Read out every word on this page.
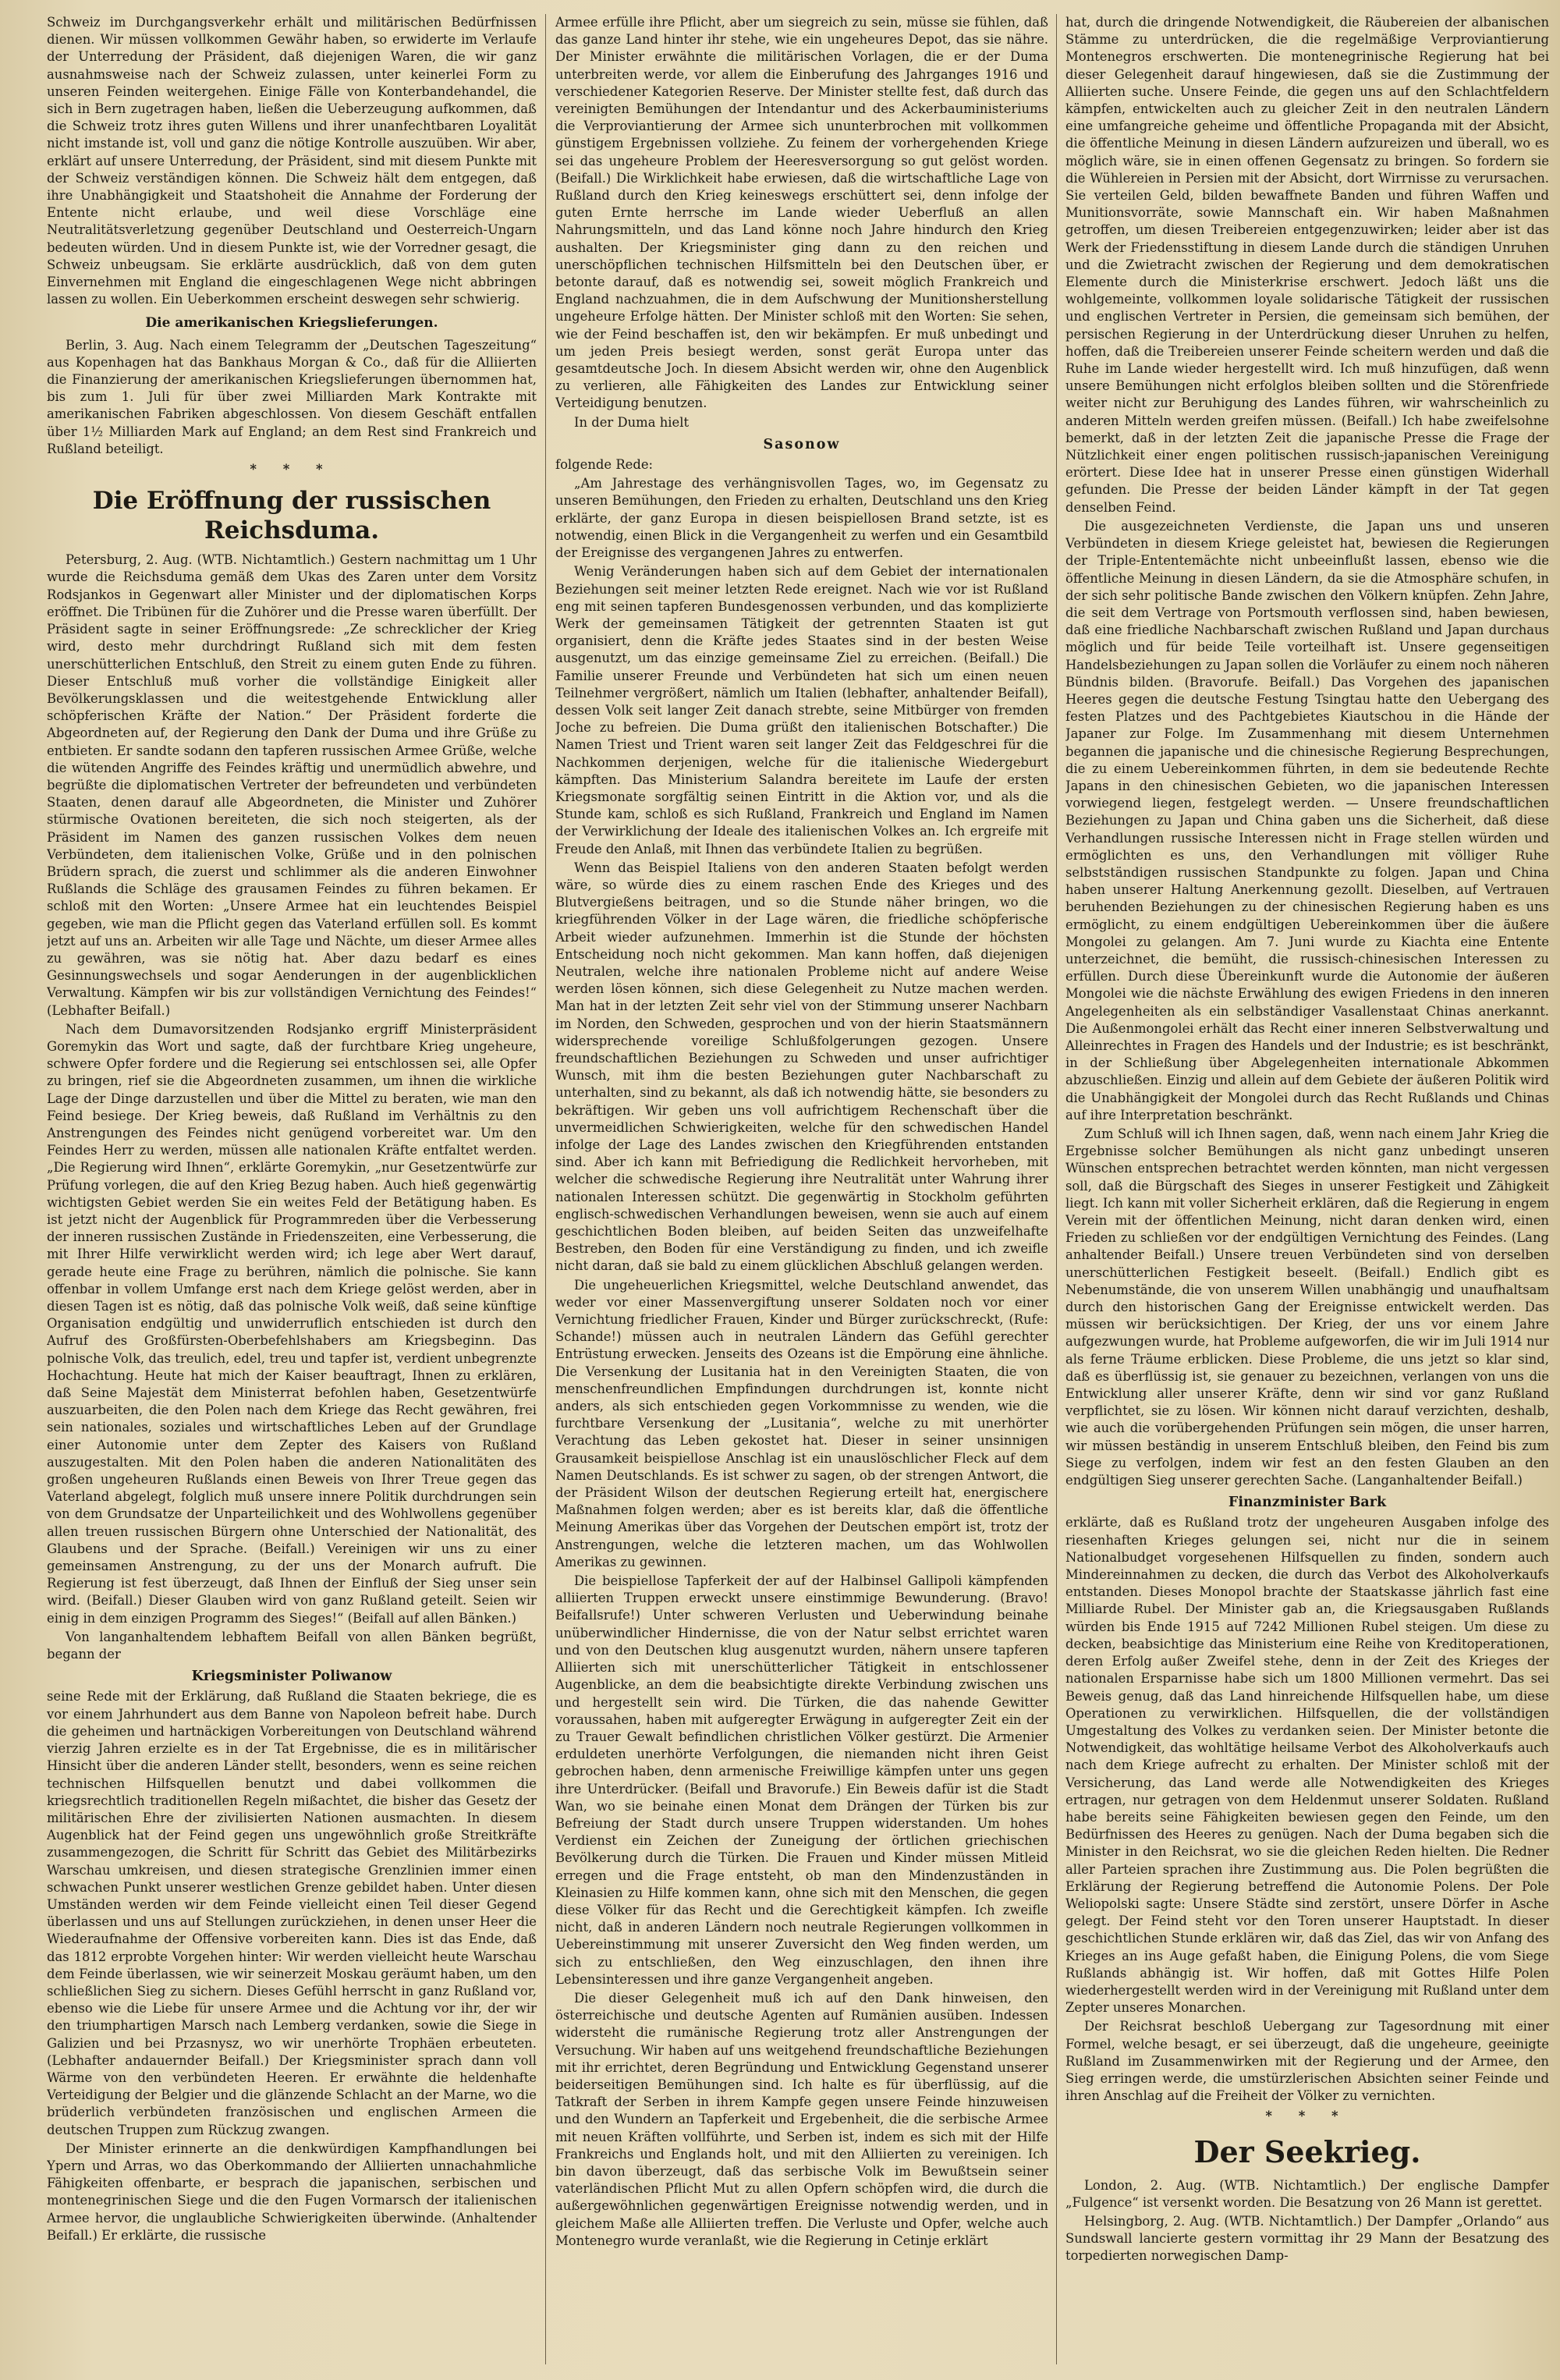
Schweiz im Durchgangsverkehr erhält und militärischen Bedürfnissen dienen. Wir müssen vollkommen Gewähr haben, so erwiderte im Verlaufe der Unterredung der Präsident, daß diejenigen Waren, die wir ganz ausnahmsweise nach der Schweiz zulassen, unter keinerlei Form zu unseren Feinden weitergehen. Einige Fälle von Konterbandehandel, die sich in Bern zugetragen haben, ließen die Ueberzeugung aufkommen, daß die Schweiz trotz ihres guten Willens und ihrer unanfechtbaren Loyalität nicht imstande ist, voll und ganz die nötige Kontrolle auszuüben. Wir aber, erklärt auf unsere Unterredung, der Präsident, sind mit diesem Punkte mit der Schweiz verständigen können. Die Schweiz hält dem entgegen, daß ihre Unabhängigkeit und Staatshoheit die Annahme der Forderung der Entente nicht erlaube, und weil diese Vorschläge eine Neutralitätsverletzung gegenüber Deutschland und Oesterreich-Ungarn bedeuten würden. Und in diesem Punkte ist, wie der Vorredner gesagt, die Schweiz unbeugsam. Sie erklärte ausdrücklich, daß von dem guten Einvernehmen mit England die eingeschlagenen Wege nicht abbringen lassen zu wollen. Ein Ueberkommen erscheint deswegen sehr schwierig.

Die amerikanischen Kriegslieferungen.

Berlin, 3. Aug. Nach einem Telegramm der „Deutschen Tageszeitung“ aus Kopenhagen hat das Bankhaus Morgan & Co., daß für die Alliierten die Finanzierung der amerikanischen Kriegslieferungen übernommen hat, bis zum 1. Juli für über zwei Milliarden Mark Kontrakte mit amerikanischen Fabriken abgeschlossen. Von diesem Geschäft entfallen über 1½ Milliarden Mark auf England; an dem Rest sind Frankreich und Rußland beteiligt.

* * *
Die Eröffnung der russischen Reichsduma.

Petersburg, 2. Aug. (WTB. Nichtamtlich.) Gestern nachmittag um 1 Uhr wurde die Reichsduma gemäß dem Ukas des Zaren unter dem Vorsitz Rodsjankos in Gegenwart aller Minister und der diplomatischen Korps eröffnet. Die Tribünen für die Zuhörer und die Presse waren überfüllt. Der Präsident sagte in seiner Eröffnungsrede: „Ze schrecklicher der Krieg wird, desto mehr durchdringt Rußland sich mit dem festen unerschütterlichen Entschluß, den Streit zu einem guten Ende zu führen. Dieser Entschluß muß vorher die vollständige Einigkeit aller Bevölkerungsklassen und die weitestgehende Entwicklung aller schöpferischen Kräfte der Nation.“ Der Präsident forderte die Abgeordneten auf, der Regierung den Dank der Duma und ihre Grüße zu entbieten. Er sandte sodann den tapferen russischen Armee Grüße, welche die wütenden Angriffe des Feindes kräftig und unermüdlich abwehre, und begrüßte die diplomatischen Vertreter der befreundeten und verbündeten Staaten, denen darauf alle Abgeordneten, die Minister und Zuhörer stürmische Ovationen bereiteten, die sich noch steigerten, als der Präsident im Namen des ganzen russischen Volkes dem neuen Verbündeten, dem italienischen Volke, Grüße und in den polnischen Brüdern sprach, die zuerst und schlimmer als die anderen Einwohner Rußlands die Schläge des grausamen Feindes zu führen bekamen. Er schloß mit den Worten: „Unsere Armee hat ein leuchtendes Beispiel gegeben, wie man die Pflicht gegen das Vaterland erfüllen soll. Es kommt jetzt auf uns an. Arbeiten wir alle Tage und Nächte, um dieser Armee alles zu gewähren, was sie nötig hat. Aber dazu bedarf es eines Gesinnungswechsels und sogar Aenderungen in der augenblicklichen Verwaltung. Kämpfen wir bis zur vollständigen Vernichtung des Feindes!“ (Lebhafter Beifall.)

Nach dem Dumavorsitzenden Rodsjanko ergriff Ministerpräsident Goremykin das Wort und sagte, daß der furchtbare Krieg ungeheure, schwere Opfer fordere und die Regierung sei entschlossen sei, alle Opfer zu bringen, rief sie die Abgeordneten zusammen, um ihnen die wirkliche Lage der Dinge darzustellen und über die Mittel zu beraten, wie man den Feind besiege. Der Krieg beweis, daß Rußland im Verhältnis zu den Anstrengungen des Feindes nicht genügend vorbereitet war. Um den Feindes Herr zu werden, müssen alle nationalen Kräfte entfaltet werden. „Die Regierung wird Ihnen“, erklärte Goremykin, „nur Gesetzentwürfe zur Prüfung vorlegen, die auf den Krieg Bezug haben. Auch hieß gegenwärtig wichtigsten Gebiet werden Sie ein weites Feld der Betätigung haben. Es ist jetzt nicht der Augenblick für Programmreden über die Verbesserung der inneren russischen Zustände in Friedenszeiten, eine Verbesserung, die mit Ihrer Hilfe verwirklicht werden wird; ich lege aber Wert darauf, gerade heute eine Frage zu berühren, nämlich die polnische. Sie kann offenbar in vollem Umfange erst nach dem Kriege gelöst werden, aber in diesen Tagen ist es nötig, daß das polnische Volk weiß, daß seine künftige Organisation endgültig und unwiderruflich entschieden ist durch den Aufruf des Großfürsten-Oberbefehlshabers am Kriegsbeginn. Das polnische Volk, das treulich, edel, treu und tapfer ist, verdient unbegrenzte Hochachtung. Heute hat mich der Kaiser beauftragt, Ihnen zu erklären, daß Seine Majestät dem Ministerrat befohlen haben, Gesetzentwürfe auszuarbeiten, die den Polen nach dem Kriege das Recht gewähren, frei sein nationales, soziales und wirtschaftliches Leben auf der Grundlage einer Autonomie unter dem Zepter des Kaisers von Rußland auszugestalten. Mit den Polen haben die anderen Nationalitäten des großen ungeheuren Rußlands einen Beweis von Ihrer Treue gegen das Vaterland abgelegt, folglich muß unsere innere Politik durchdrungen sein von dem Grundsatze der Unparteilichkeit und des Wohlwollens gegenüber allen treuen russischen Bürgern ohne Unterschied der Nationalität, des Glaubens und der Sprache. (Beifall.) Vereinigen wir uns zu einer gemeinsamen Anstrengung, zu der uns der Monarch aufruft. Die Regierung ist fest überzeugt, daß Ihnen der Einfluß der Sieg unser sein wird. (Beifall.) Dieser Glauben wird von ganz Rußland geteilt. Seien wir einig in dem einzigen Programm des Sieges!“ (Beifall auf allen Bänken.)

Von langanhaltendem lebhaftem Beifall von allen Bänken begrüßt, begann der

Kriegsminister Poliwanow

seine Rede mit der Erklärung, daß Rußland die Staaten bekriege, die es vor einem Jahrhundert aus dem Banne von Napoleon befreit habe. Durch die geheimen und hartnäckigen Vorbereitungen von Deutschland während vierzig Jahren erzielte es in der Tat Ergebnisse, die es in militärischer Hinsicht über die anderen Länder stellt, besonders, wenn es seine reichen technischen Hilfsquellen benutzt und dabei vollkommen die kriegsrechtlich traditionellen Regeln mißachtet, die bisher das Gesetz der militärischen Ehre der zivilisierten Nationen ausmachten. In diesem Augenblick hat der Feind gegen uns ungewöhnlich große Streitkräfte zusammengezogen, die Schritt für Schritt das Gebiet des Militärbezirks Warschau umkreisen, und diesen strategische Grenzlinien immer einen schwachen Punkt unserer westlichen Grenze gebildet haben. Unter diesen Umständen werden wir dem Feinde vielleicht einen Teil dieser Gegend überlassen und uns auf Stellungen zurückziehen, in denen unser Heer die Wiederaufnahme der Offensive vorbereiten kann. Dies ist das Ende, daß das 1812 erprobte Vorgehen hinter: Wir werden vielleicht heute Warschau dem Feinde überlassen, wie wir seinerzeit Moskau geräumt haben, um den schließlichen Sieg zu sichern. Dieses Gefühl herrscht in ganz Rußland vor, ebenso wie die Liebe für unsere Armee und die Achtung vor ihr, der wir den triumphartigen Marsch nach Lemberg verdanken, sowie die Siege in Galizien und bei Przasnysz, wo wir unerhörte Trophäen erbeuteten. (Lebhafter andauernder Beifall.) Der Kriegsminister sprach dann voll Wärme von den verbündeten Heeren. Er erwähnte die heldenhafte Verteidigung der Belgier und die glänzende Schlacht an der Marne, wo die brüderlich verbündeten französischen und englischen Armeen die deutschen Truppen zum Rückzug zwangen.

Der Minister erinnerte an die denkwürdigen Kampfhandlungen bei Ypern und Arras, wo das Oberkommando der Alliierten unnachahmliche Fähigkeiten offenbarte, er besprach die japanischen, serbischen und montenegrinischen Siege und die den Fugen Vormarsch der italienischen Armee hervor, die unglaubliche Schwierigkeiten überwinde. (Anhaltender Beifall.) Er erklärte, die russische

Armee erfülle ihre Pflicht, aber um siegreich zu sein, müsse sie fühlen, daß das ganze Land hinter ihr stehe, wie ein ungeheures Depot, das sie nähre. Der Minister erwähnte die militärischen Vorlagen, die er der Duma unterbreiten werde, vor allem die Einberufung des Jahrganges 1916 und verschiedener Kategorien Reserve. Der Minister stellte fest, daß durch das vereinigten Bemühungen der Intendantur und des Ackerbauministeriums die Verproviantierung der Armee sich ununterbrochen mit vollkommen günstigem Ergebnissen vollziehe. Zu feinem der vorhergehenden Kriege sei das ungeheure Problem der Heeresversorgung so gut gelöst worden. (Beifall.) Die Wirklichkeit habe erwiesen, daß die wirtschaftliche Lage von Rußland durch den Krieg keineswegs erschüttert sei, denn infolge der guten Ernte herrsche im Lande wieder Ueberfluß an allen Nahrungsmitteln, und das Land könne noch Jahre hindurch den Krieg aushalten. Der Kriegsminister ging dann zu den reichen und unerschöpflichen technischen Hilfsmitteln bei den Deutschen über, er betonte darauf, daß es notwendig sei, soweit möglich Frankreich und England nachzuahmen, die in dem Aufschwung der Munitionsherstellung ungeheure Erfolge hätten. Der Minister schloß mit den Worten: Sie sehen, wie der Feind beschaffen ist, den wir bekämpfen. Er muß unbedingt und um jeden Preis besiegt werden, sonst gerät Europa unter das gesamtdeutsche Joch. In diesem Absicht werden wir, ohne den Augenblick zu verlieren, alle Fähigkeiten des Landes zur Entwicklung seiner Verteidigung benutzen.

In der Duma hielt

Sasonow

folgende Rede:

„Am Jahrestage des verhängnisvollen Tages, wo, im Gegensatz zu unseren Bemühungen, den Frieden zu erhalten, Deutschland uns den Krieg erklärte, der ganz Europa in diesen beispiellosen Brand setzte, ist es notwendig, einen Blick in die Vergangenheit zu werfen und ein Gesamtbild der Ereignisse des vergangenen Jahres zu entwerfen.

Wenig Veränderungen haben sich auf dem Gebiet der internationalen Beziehungen seit meiner letzten Rede ereignet. Nach wie vor ist Rußland eng mit seinen tapferen Bundesgenossen verbunden, und das komplizierte Werk der gemeinsamen Tätigkeit der getrennten Staaten ist gut organisiert, denn die Kräfte jedes Staates sind in der besten Weise ausgenutzt, um das einzige gemeinsame Ziel zu erreichen. (Beifall.) Die Familie unserer Freunde und Verbündeten hat sich um einen neuen Teilnehmer vergrößert, nämlich um Italien (lebhafter, anhaltender Beifall), dessen Volk seit langer Zeit danach strebte, seine Mitbürger von fremden Joche zu befreien. Die Duma grüßt den italienischen Botschafter.) Die Namen Triest und Trient waren seit langer Zeit das Feldgeschrei für die Nachkommen derjenigen, welche für die italienische Wiedergeburt kämpften. Das Ministerium Salandra bereitete im Laufe der ersten Kriegsmonate sorgfältig seinen Eintritt in die Aktion vor, und als die Stunde kam, schloß es sich Rußland, Frankreich und England im Namen der Verwirklichung der Ideale des italienischen Volkes an. Ich ergreife mit Freude den Anlaß, mit Ihnen das verbündete Italien zu begrüßen.

Wenn das Beispiel Italiens von den anderen Staaten befolgt werden wäre, so würde dies zu einem raschen Ende des Krieges und des Blutvergießens beitragen, und so die Stunde näher bringen, wo die kriegführenden Völker in der Lage wären, die friedliche schöpferische Arbeit wieder aufzunehmen. Immerhin ist die Stunde der höchsten Entscheidung noch nicht gekommen. Man kann hoffen, daß diejenigen Neutralen, welche ihre nationalen Probleme nicht auf andere Weise werden lösen können, sich diese Gelegenheit zu Nutze machen werden. Man hat in der letzten Zeit sehr viel von der Stimmung unserer Nachbarn im Norden, den Schweden, gesprochen und von der hierin Staatsmännern widersprechende voreilige Schlußfolgerungen gezogen. Unsere freundschaftlichen Beziehungen zu Schweden und unser aufrichtiger Wunsch, mit ihm die besten Beziehungen guter Nachbarschaft zu unterhalten, sind zu bekannt, als daß ich notwendig hätte, sie besonders zu bekräftigen. Wir geben uns voll aufrichtigem Rechenschaft über die unvermeidlichen Schwierigkeiten, welche für den schwedischen Handel infolge der Lage des Landes zwischen den Kriegführenden entstanden sind. Aber ich kann mit Befriedigung die Redlichkeit hervorheben, mit welcher die schwedische Regierung ihre Neutralität unter Wahrung ihrer nationalen Interessen schützt. Die gegenwärtig in Stockholm geführten englisch-schwedischen Verhandlungen beweisen, wenn sie auch auf einem geschichtlichen Boden bleiben, auf beiden Seiten das unzweifelhafte Bestreben, den Boden für eine Verständigung zu finden, und ich zweifle nicht daran, daß sie bald zu einem glücklichen Abschluß gelangen werden.

Die ungeheuerlichen Kriegsmittel, welche Deutschland anwendet, das weder vor einer Massenvergiftung unserer Soldaten noch vor einer Vernichtung friedlicher Frauen, Kinder und Bürger zurückschreckt, (Rufe: Schande!) müssen auch in neutralen Ländern das Gefühl gerechter Entrüstung erwecken. Jenseits des Ozeans ist die Empörung eine ähnliche. Die Versenkung der Lusitania hat in den Vereinigten Staaten, die von menschenfreundlichen Empfindungen durchdrungen ist, konnte nicht anders, als sich entschieden gegen Vorkommnisse zu wenden, wie die furchtbare Versenkung der „Lusitania“, welche zu mit unerhörter Verachtung das Leben gekostet hat. Dieser in seiner unsinnigen Grausamkeit beispiellose Anschlag ist ein unauslöschlicher Fleck auf dem Namen Deutschlands. Es ist schwer zu sagen, ob der strengen Antwort, die der Präsident Wilson der deutschen Regierung erteilt hat, energischere Maßnahmen folgen werden; aber es ist bereits klar, daß die öffentliche Meinung Amerikas über das Vorgehen der Deutschen empört ist, trotz der Anstrengungen, welche die letzteren machen, um das Wohlwollen Amerikas zu gewinnen.

Die beispiellose Tapferkeit der auf der Halbinsel Gallipoli kämpfenden alliierten Truppen erweckt unsere einstimmige Bewunderung. (Bravo! Beifallsrufe!) Unter schweren Verlusten und Ueberwindung beinahe unüberwindlicher Hindernisse, die von der Natur selbst errichtet waren und von den Deutschen klug ausgenutzt wurden, nähern unsere tapferen Alliierten sich mit unerschütterlicher Tätigkeit in entschlossener Augenblicke, an dem die beabsichtigte direkte Verbindung zwischen uns und hergestellt sein wird. Die Türken, die das nahende Gewitter voraussahen, haben mit aufgeregter Erwägung in aufgeregter Zeit ein der zu Trauer Gewalt befindlichen christlichen Völker gestürzt. Die Armenier erduldeten unerhörte Verfolgungen, die niemanden nicht ihren Geist gebrochen haben, denn armenische Freiwillige kämpfen unter uns gegen ihre Unterdrücker. (Beifall und Bravorufe.) Ein Beweis dafür ist die Stadt Wan, wo sie beinahe einen Monat dem Drängen der Türken bis zur Befreiung der Stadt durch unsere Truppen widerstanden. Um hohes Verdienst ein Zeichen der Zuneigung der örtlichen griechischen Bevölkerung durch die Türken. Die Frauen und Kinder müssen Mitleid erregen und die Frage entsteht, ob man den Mindenzuständen in Kleinasien zu Hilfe kommen kann, ohne sich mit den Menschen, die gegen diese Völker für das Recht und die Gerechtigkeit kämpfen. Ich zweifle nicht, daß in anderen Ländern noch neutrale Regierungen vollkommen in Uebereinstimmung mit unserer Zuversicht den Weg finden werden, um sich zu entschließen, den Weg einzuschlagen, den ihnen ihre Lebensinteressen und ihre ganze Vergangenheit angeben.

Die dieser Gelegenheit muß ich auf den Dank hinweisen, den österreichische und deutsche Agenten auf Rumänien ausüben. Indessen widersteht die rumänische Regierung trotz aller Anstrengungen der Versuchung. Wir haben auf uns weitgehend freundschaftliche Beziehungen mit ihr errichtet, deren Begründung und Entwicklung Gegenstand unserer beiderseitigen Bemühungen sind. Ich halte es für überflüssig, auf die Tatkraft der Serben in ihrem Kampfe gegen unsere Feinde hinzuweisen und den Wundern an Tapferkeit und Ergebenheit, die die serbische Armee mit neuen Kräften vollführte, und Serben ist, indem es sich mit der Hilfe Frankreichs und Englands holt, und mit den Alliierten zu vereinigen. Ich bin davon überzeugt, daß das serbische Volk im Bewußtsein seiner vaterländischen Pflicht Mut zu allen Opfern schöpfen wird, die durch die außergewöhnlichen gegenwärtigen Ereignisse notwendig werden, und in gleichem Maße alle Alliierten treffen. Die Verluste und Opfer, welche auch Montenegro wurde veranlaßt, wie die Regierung in Cetinje erklärt

hat, durch die dringende Notwendigkeit, die Räubereien der albanischen Stämme zu unterdrücken, die die regelmäßige Verproviantierung Montenegros erschwerten. Die montenegrinische Regierung hat bei dieser Gelegenheit darauf hingewiesen, daß sie die Zustimmung der Alliierten suche. Unsere Feinde, die gegen uns auf den Schlachtfeldern kämpfen, entwickelten auch zu gleicher Zeit in den neutralen Ländern eine umfangreiche geheime und öffentliche Propaganda mit der Absicht, die öffentliche Meinung in diesen Ländern aufzureizen und überall, wo es möglich wäre, sie in einen offenen Gegensatz zu bringen. So fordern sie die Wühlereien in Persien mit der Absicht, dort Wirrnisse zu verursachen. Sie verteilen Geld, bilden bewaffnete Banden und führen Waffen und Munitionsvorräte, sowie Mannschaft ein. Wir haben Maßnahmen getroffen, um diesen Treibereien entgegenzuwirken; leider aber ist das Werk der Friedensstiftung in diesem Lande durch die ständigen Unruhen und die Zwietracht zwischen der Regierung und dem demokratischen Elemente durch die Ministerkrise erschwert. Jedoch läßt uns die wohlgemeinte, vollkommen loyale solidarische Tätigkeit der russischen und englischen Vertreter in Persien, die gemeinsam sich bemühen, der persischen Regierung in der Unterdrückung dieser Unruhen zu helfen, hoffen, daß die Treibereien unserer Feinde scheitern werden und daß die Ruhe im Lande wieder hergestellt wird. Ich muß hinzufügen, daß wenn unsere Bemühungen nicht erfolglos bleiben sollten und die Störenfriede weiter nicht zur Beruhigung des Landes führen, wir wahrscheinlich zu anderen Mitteln werden greifen müssen. (Beifall.) Ich habe zweifelsohne bemerkt, daß in der letzten Zeit die japanische Presse die Frage der Nützlichkeit einer engen politischen russisch-japanischen Vereinigung erörtert. Diese Idee hat in unserer Presse einen günstigen Widerhall gefunden. Die Presse der beiden Länder kämpft in der Tat gegen denselben Feind.

Die ausgezeichneten Verdienste, die Japan uns und unseren Verbündeten in diesem Kriege geleistet hat, bewiesen die Regierungen der Triple-Ententemächte nicht unbeeinflußt lassen, ebenso wie die öffentliche Meinung in diesen Ländern, da sie die Atmosphäre schufen, in der sich sehr politische Bande zwischen den Völkern knüpfen. Zehn Jahre, die seit dem Vertrage von Portsmouth verflossen sind, haben bewiesen, daß eine friedliche Nachbarschaft zwischen Rußland und Japan durchaus möglich und für beide Teile vorteilhaft ist. Unsere gegenseitigen Handelsbeziehungen zu Japan sollen die Vorläufer zu einem noch näheren Bündnis bilden. (Bravorufe. Beifall.) Das Vorgehen des japanischen Heeres gegen die deutsche Festung Tsingtau hatte den Uebergang des festen Platzes und des Pachtgebietes Kiautschou in die Hände der Japaner zur Folge. Im Zusammenhang mit diesem Unternehmen begannen die japanische und die chinesische Regierung Besprechungen, die zu einem Uebereinkommen führten, in dem sie bedeutende Rechte Japans in den chinesischen Gebieten, wo die japanischen Interessen vorwiegend liegen, festgelegt werden. — Unsere freundschaftlichen Beziehungen zu Japan und China gaben uns die Sicherheit, daß diese Verhandlungen russische Interessen nicht in Frage stellen würden und ermöglichten es uns, den Verhandlungen mit völliger Ruhe selbstständigen russischen Standpunkte zu folgen. Japan und China haben unserer Haltung Anerkennung gezollt. Dieselben, auf Vertrauen beruhenden Beziehungen zu der chinesischen Regierung haben es uns ermöglicht, zu einem endgültigen Uebereinkommen über die äußere Mongolei zu gelangen. Am 7. Juni wurde zu Kiachta eine Entente unterzeichnet, die bemüht, die russisch-chinesischen Interessen zu erfüllen. Durch diese Übereinkunft wurde die Autonomie der äußeren Mongolei wie die nächste Erwählung des ewigen Friedens in den inneren Angelegenheiten als ein selbständiger Vasallenstaat Chinas anerkannt. Die Außenmongolei erhält das Recht einer inneren Selbstverwaltung und Alleinrechtes in Fragen des Handels und der Industrie; es ist beschränkt, in der Schließung über Abgelegenheiten internationale Abkommen abzuschließen. Einzig und allein auf dem Gebiete der äußeren Politik wird die Unabhängigkeit der Mongolei durch das Recht Rußlands und Chinas auf ihre Interpretation beschränkt.

Zum Schluß will ich Ihnen sagen, daß, wenn nach einem Jahr Krieg die Ergebnisse solcher Bemühungen als nicht ganz unbedingt unseren Wünschen entsprechen betrachtet werden könnten, man nicht vergessen soll, daß die Bürgschaft des Sieges in unserer Festigkeit und Zähigkeit liegt. Ich kann mit voller Sicherheit erklären, daß die Regierung in engem Verein mit der öffentlichen Meinung, nicht daran denken wird, einen Frieden zu schließen vor der endgültigen Vernichtung des Feindes. (Lang anhaltender Beifall.) Unsere treuen Verbündeten sind von derselben unerschütterlichen Festigkeit beseelt. (Beifall.) Endlich gibt es Nebenumstände, die von unserem Willen unabhängig und unaufhaltsam durch den historischen Gang der Ereignisse entwickelt werden. Das müssen wir berücksichtigen. Der Krieg, der uns vor einem Jahre aufgezwungen wurde, hat Probleme aufgeworfen, die wir im Juli 1914 nur als ferne Träume erblicken. Diese Probleme, die uns jetzt so klar sind, daß es überflüssig ist, sie genauer zu bezeichnen, verlangen von uns die Entwicklung aller unserer Kräfte, denn wir sind vor ganz Rußland verpflichtet, sie zu lösen. Wir können nicht darauf verzichten, deshalb, wie auch die vorübergehenden Prüfungen sein mögen, die unser harren, wir müssen beständig in unserem Entschluß bleiben, den Feind bis zum Siege zu verfolgen, indem wir fest an den festen Glauben an den endgültigen Sieg unserer gerechten Sache. (Langanhaltender Beifall.)

Finanzminister Bark

erklärte, daß es Rußland trotz der ungeheuren Ausgaben infolge des riesenhaften Krieges gelungen sei, nicht nur die in seinem Nationalbudget vorgesehenen Hilfsquellen zu finden, sondern auch Mindereinnahmen zu decken, die durch das Verbot des Alkoholverkaufs entstanden. Dieses Monopol brachte der Staatskasse jährlich fast eine Milliarde Rubel. Der Minister gab an, die Kriegsausgaben Rußlands würden bis Ende 1915 auf 7242 Millionen Rubel steigen. Um diese zu decken, beabsichtige das Ministerium eine Reihe von Kreditoperationen, deren Erfolg außer Zweifel stehe, denn in der Zeit des Krieges der nationalen Ersparnisse habe sich um 1800 Millionen vermehrt. Das sei Beweis genug, daß das Land hinreichende Hilfsquellen habe, um diese Operationen zu verwirklichen. Hilfsquellen, die der vollständigen Umgestaltung des Volkes zu verdanken seien. Der Minister betonte die Notwendigkeit, das wohltätige heilsame Verbot des Alkoholverkaufs auch nach dem Kriege aufrecht zu erhalten. Der Minister schloß mit der Versicherung, das Land werde alle Notwendigkeiten des Krieges ertragen, nur getragen von dem Heldenmut unserer Soldaten. Rußland habe bereits seine Fähigkeiten bewiesen gegen den Feinde, um den Bedürfnissen des Heeres zu genügen. Nach der Duma begaben sich die Minister in den Reichsrat, wo sie die gleichen Reden hielten. Die Redner aller Parteien sprachen ihre Zustimmung aus. Die Polen begrüßten die Erklärung der Regierung betreffend die Autonomie Polens. Der Pole Weliopolski sagte: Unsere Städte sind zerstört, unsere Dörfer in Asche gelegt. Der Feind steht vor den Toren unserer Hauptstadt. In dieser geschichtlichen Stunde erklären wir, daß das Ziel, das wir von Anfang des Krieges an ins Auge gefaßt haben, die Einigung Polens, die vom Siege Rußlands abhängig ist. Wir hoffen, daß mit Gottes Hilfe Polen wiederhergestellt werden wird in der Vereinigung mit Rußland unter dem Zepter unseres Monarchen.

Der Reichsrat beschloß Uebergang zur Tagesordnung mit einer Formel, welche besagt, er sei überzeugt, daß die ungeheure, geeinigte Rußland im Zusammenwirken mit der Regierung und der Armee, den Sieg erringen werde, die umstürzlerischen Absichten seiner Feinde und ihren Anschlag auf die Freiheit der Völker zu vernichten.

* * *
Der Seekrieg.

London, 2. Aug. (WTB. Nichtamtlich.) Der englische Dampfer „Fulgence“ ist versenkt worden. Die Besatzung von 26 Mann ist gerettet.

Helsingborg, 2. Aug. (WTB. Nichtamtlich.) Der Dampfer „Orlando“ aus Sundswall lancierte gestern vormittag ihr 29 Mann der Besatzung des torpedierten norwegischen Damp-
